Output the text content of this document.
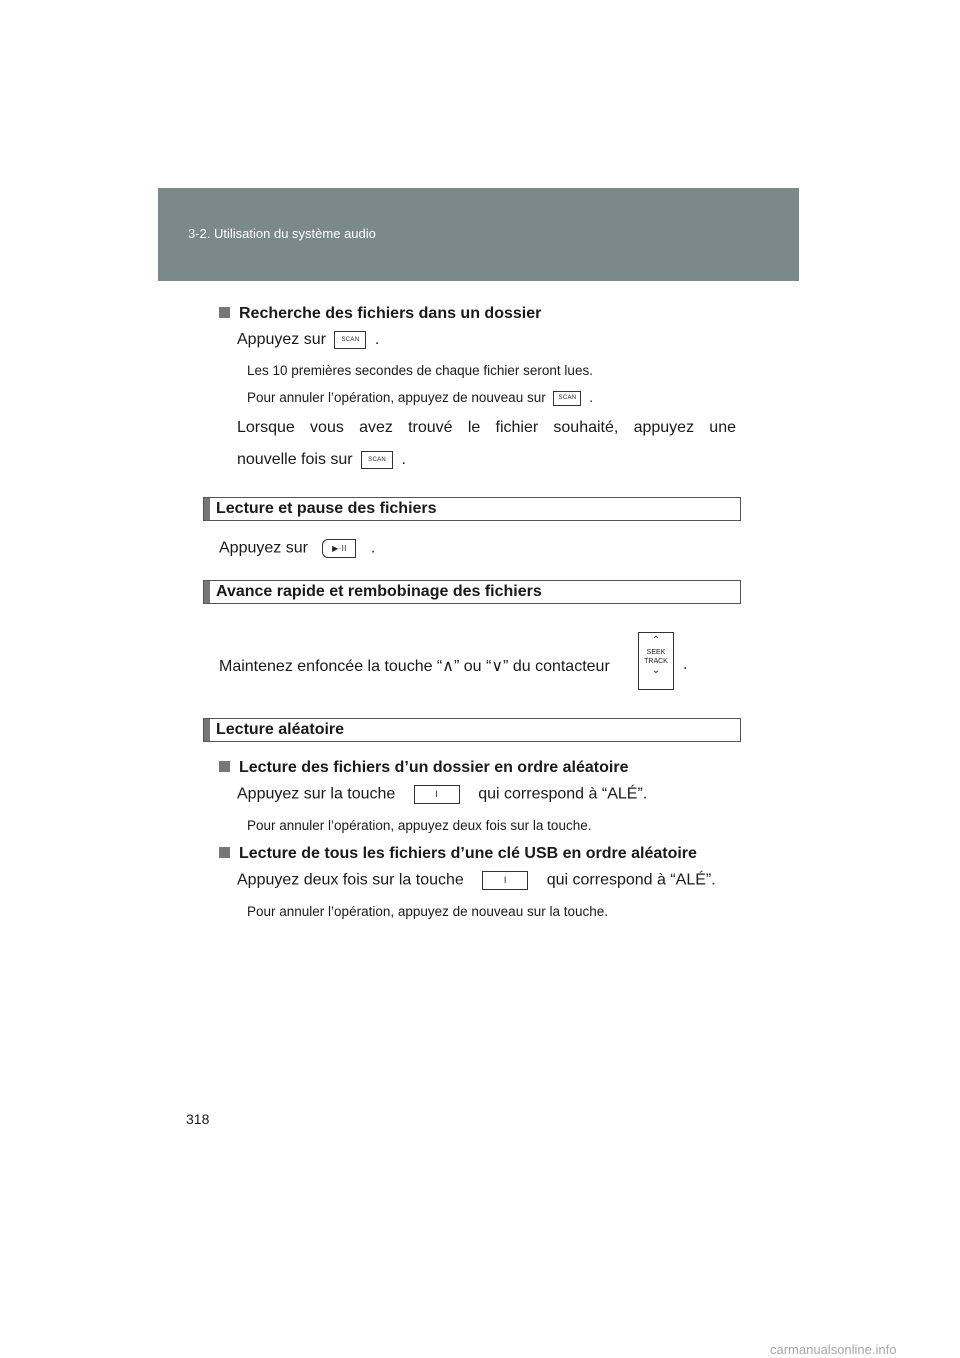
3-2. Utilisation du système audio
Recherche des fichiers dans un dossier
Appuyez sur	SCAN .
Les 10 premières secondes de chaque fichier seront lues.
Pour annuler l’opération, appuyez de nouveau sur SCAN .
Lorsque vous avez trouvé le fichier souhaité, appuyez une
nouvelle fois sur	SCAN .
Lecture et pause des fichiers
Appuyez sur	▶·II .
Avance rapide et rembobinage des fichiers
Maintenez enfoncée la touche “∧” ou “∨” du contacteur	.
⌃
SEEK
TRACK
⌄
Lecture aléatoire
Lecture des fichiers d’un dossier en ordre aléatoire
Appuyez sur la touche	I	qui correspond à “ALÉ”.
Pour annuler l’opération, appuyez deux fois sur la touche.
Lecture de tous les fichiers d’une clé USB en ordre aléatoire
Appuyez deux fois sur la touche	I	qui correspond à “ALÉ”.
Pour annuler l’opération, appuyez de nouveau sur la touche.
318
carmanualsonline.info
